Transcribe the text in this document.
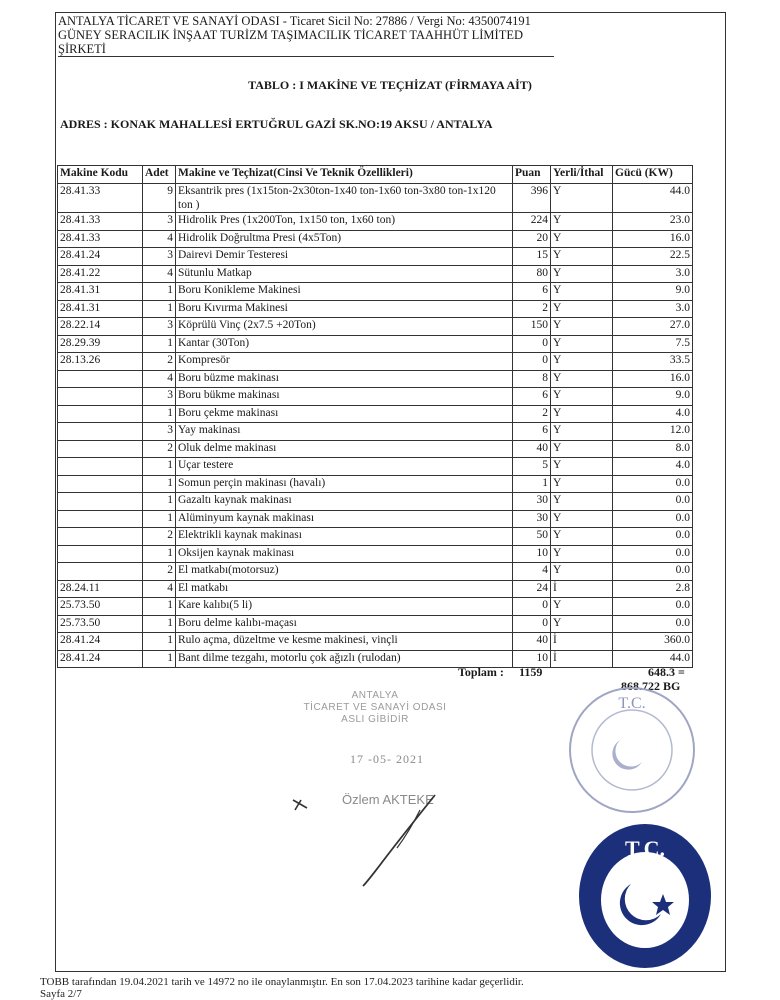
ANTALYA TİCARET VE SANAYİ ODASI - Ticaret Sicil No: 27886 / Vergi No: 4350074191
GÜNEY SERACILIK İNŞAAT TURİZM TAŞIMACILIK TİCARET TAAHHÜT LİMİTED ŞİRKETİ
TABLO : I MAKİNE VE TEÇHİZAT (FİRMAYA AİT)
ADRES : KONAK MAHALLESİ ERTUĞRUL GAZİ SK.NO:19 AKSU / ANTALYA
Makine Kodu	Adet	Makine ve Teçhizat(Cinsi Ve Teknik Özellikleri)	Puan	Yerli/İthal	Gücü (KW)
28.41.33	9	Eksantrik pres (1x15ton-2x30ton-1x40 ton-1x60 ton-3x80 ton-1x120 ton )	396	Y	44.0
28.41.33	3	Hidrolik Pres (1x200Ton, 1x150 ton, 1x60 ton)	224	Y	23.0
28.41.33	4	Hidrolik Doğrultma Presi (4x5Ton)	20	Y	16.0
28.41.24	3	Dairevi Demir Testeresi	15	Y	22.5
28.41.22	4	Sütunlu Matkap	80	Y	3.0
28.41.31	1	Boru Konikleme Makinesi	6	Y	9.0
28.41.31	1	Boru Kıvırma Makinesi	2	Y	3.0
28.22.14	3	Köprülü Vinç (2x7.5 +20Ton)	150	Y	27.0
28.29.39	1	Kantar (30Ton)	0	Y	7.5
28.13.26	2	Kompresör	0	Y	33.5
	4	Boru büzme makinası	8	Y	16.0
	3	Boru bükme makinası	6	Y	9.0
	1	Boru çekme makinası	2	Y	4.0
	3	Yay makinası	6	Y	12.0
	2	Oluk delme makinası	40	Y	8.0
	1	Uçar testere	5	Y	4.0
	1	Somun perçin makinası (havalı)	1	Y	0.0
	1	Gazaltı kaynak makinası	30	Y	0.0
	1	Alüminyum kaynak makinası	30	Y	0.0
	2	Elektrikli kaynak makinası	50	Y	0.0
	1	Oksijen kaynak makinası	10	Y	0.0
	2	El matkabı(motorsuz)	4	Y	0.0
28.24.11	4	El matkabı	24	İ	2.8
25.73.50	1	Kare kalıbı(5 li)	0	Y	0.0
25.73.50	1	Boru delme kalıbı-maçası	0	Y	0.0
28.41.24	1	Rulo açma, düzeltme ve kesme makinesi, vinçli	40	İ	360.0
28.41.24	1	Bant dilme tezgahı, motorlu çok ağızlı (rulodan)	10	İ	44.0
Toplam : 1159	648.3 =
868.722 BG
ANTALYA
TİCARET VE SANAYİ ODASI
ASLI GİBİDİR
17 -05- 2021
Özlem AKTEKE
T.C.
T.C.
TOBB tarafından 19.04.2021 tarih ve 14972 no ile onaylanmıştır. En son 17.04.2023 tarihine kadar geçerlidir.
Sayfa 2/7
